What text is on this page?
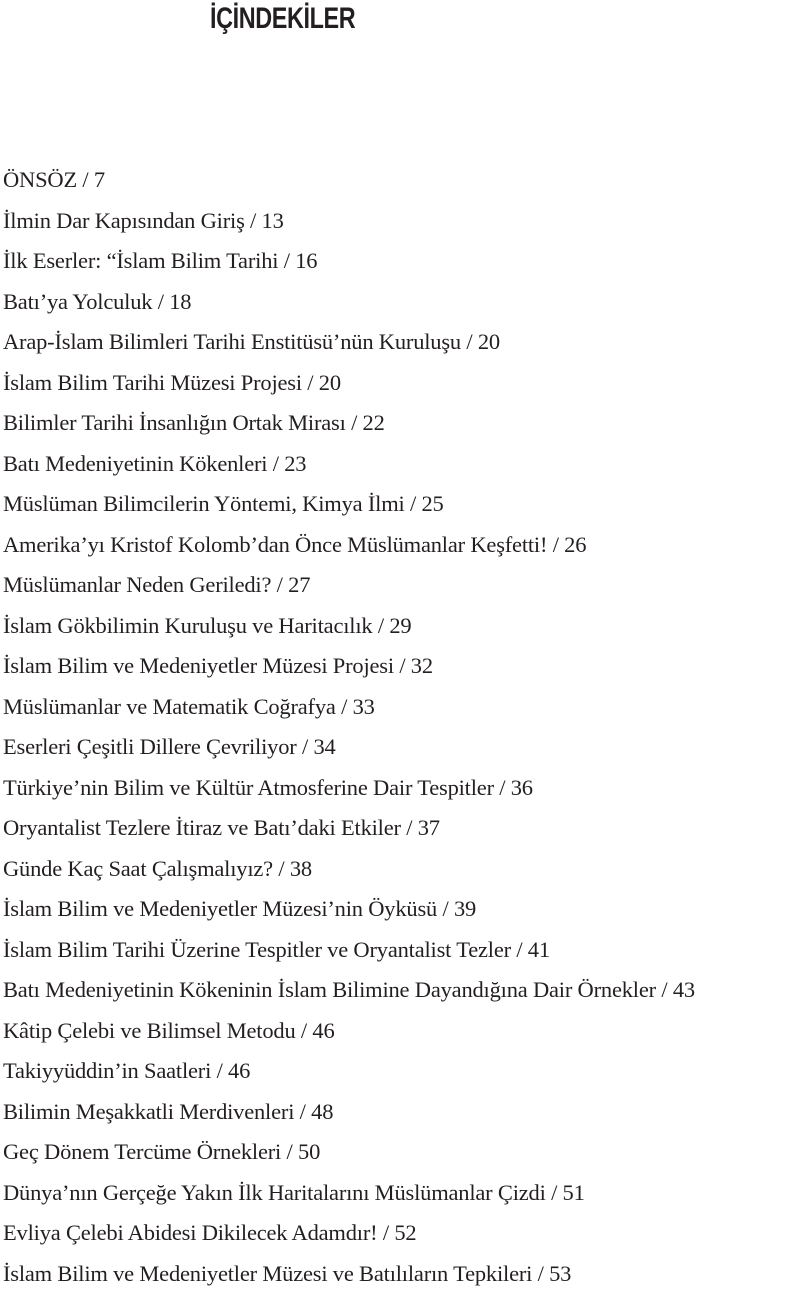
İÇİNDEKİLER
ÖNSÖZ / 7
İlmin Dar Kapısından Giriş / 13
İlk Eserler: “İslam Bilim Tarihi / 16
Batı’ya Yolculuk / 18
Arap-İslam Bilimleri Tarihi Enstitüsü’nün Kuruluşu / 20
İslam Bilim Tarihi Müzesi Projesi / 20
Bilimler Tarihi İnsanlığın Ortak Mirası / 22
Batı Medeniyetinin Kökenleri / 23
Müslüman Bilimcilerin Yöntemi, Kimya İlmi / 25
Amerika’yı Kristof Kolomb’dan Önce Müslümanlar Keşfetti! / 26
Müslümanlar Neden Geriledi? / 27
İslam Gökbilimin Kuruluşu ve Haritacılık / 29
İslam Bilim ve Medeniyetler Müzesi Projesi / 32
Müslümanlar ve Matematik Coğrafya / 33
Eserleri Çeşitli Dillere Çevriliyor / 34
Türkiye’nin Bilim ve Kültür Atmosferine Dair Tespitler / 36
Oryantalist Tezlere İtiraz ve Batı’daki Etkiler / 37
Günde Kaç Saat Çalışmalıyız? / 38
İslam Bilim ve Medeniyetler Müzesi’nin Öyküsü / 39
İslam Bilim Tarihi Üzerine Tespitler ve Oryantalist Tezler / 41
Batı Medeniyetinin Kökeninin İslam Bilimine Dayandığına Dair Örnekler / 43
Kâtip Çelebi ve Bilimsel Metodu / 46
Takiyyüddin’in Saatleri / 46
Bilimin Meşakkatli Merdivenleri / 48
Geç Dönem Tercüme Örnekleri / 50
Dünya’nın Gerçeğe Yakın İlk Haritalarını Müslümanlar Çizdi / 51
Evliya Çelebi Abidesi Dikilecek Adamdır! / 52
İslam Bilim ve Medeniyetler Müzesi ve Batılıların Tepkileri / 53
